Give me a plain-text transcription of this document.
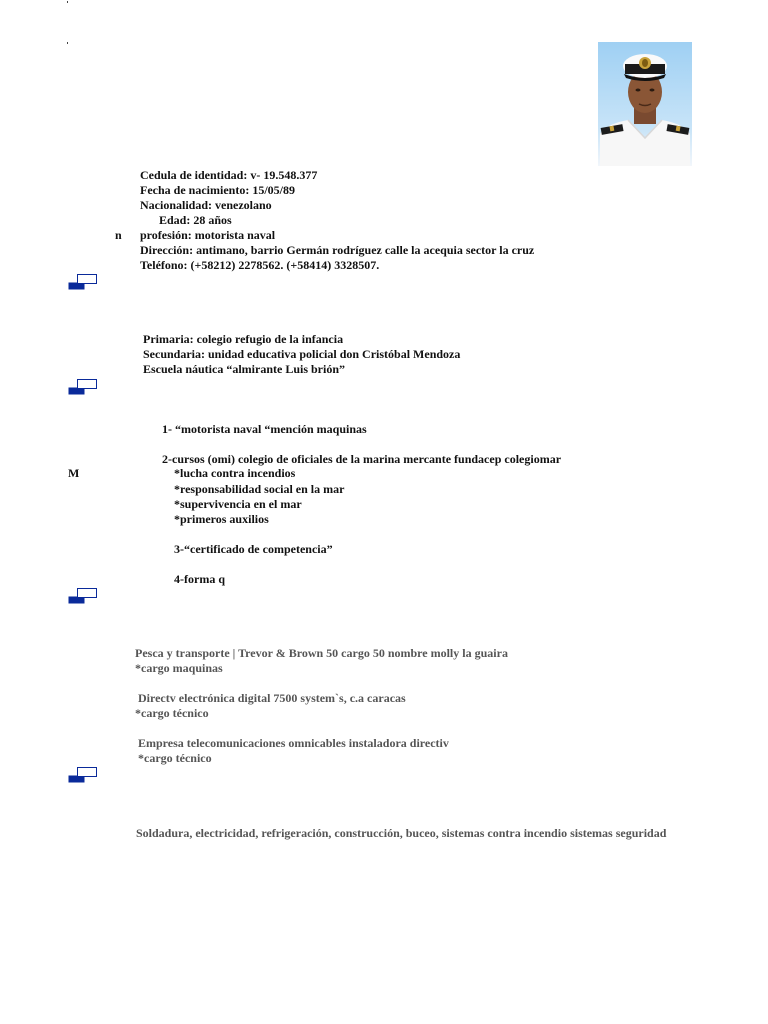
Cedula de identidad: v- 19.548.377
Fecha de nacimiento: 15/05/89
Nacionalidad: venezolano
Edad: 28 años
n profesión: motorista naval
Dirección: antimano, barrio Germán rodríguez calle la acequia sector la cruz
Teléfono: (+58212) 2278562. (+58414) 3328507.
Primaria: colegio refugio de la infancia
Secundaria: unidad educativa policial don Cristóbal Mendoza
Escuela náutica “almirante Luis brión”
1- “motorista naval “mención maquinas
2-cursos (omi) colegio de oficiales de la marina mercante fundacep colegiomar
M	*lucha contra incendios
*responsabilidad social en la mar
*supervivencia en el mar
*primeros auxilios
3-“certificado de competencia”
4-forma q
Pesca y transporte | Trevor & Brown 50 cargo 50 nombre molly la guaira
*cargo maquinas
Directv electrónica digital 7500 system`s, c.a caracas
*cargo técnico
Empresa telecomunicaciones omnicables instaladora directiv
*cargo técnico
Soldadura, electricidad, refrigeración, construcción, buceo, sistemas contra incendio sistemas seguridad
